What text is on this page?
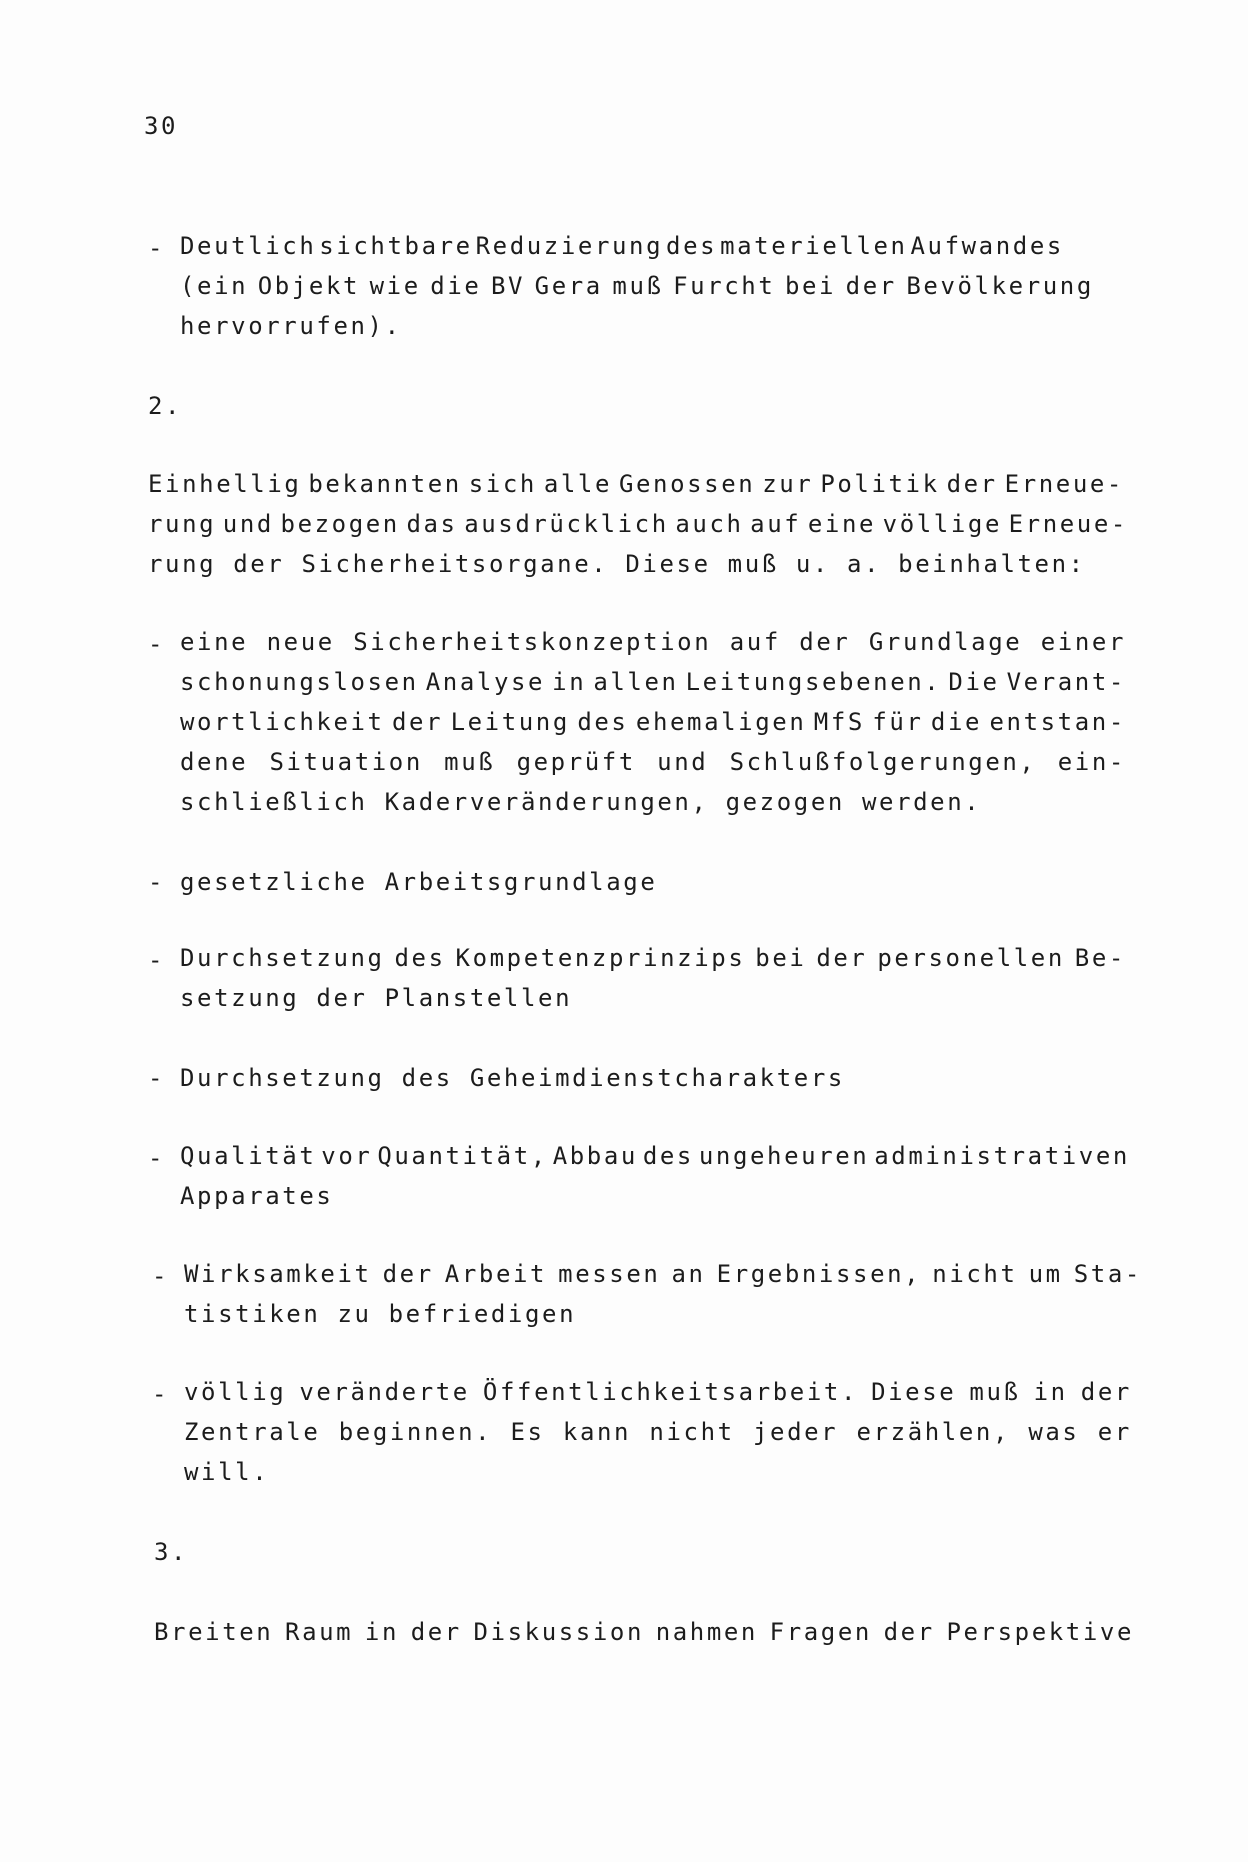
30
- Deutlich sichtbare Reduzierung des materiellen Aufwandes
(ein Objekt wie die BV Gera muß Furcht bei der Bevölkerung
hervorrufen).
2.
Einhellig bekannten sich alle Genossen zur Politik der Erneue-
rung und bezogen das ausdrücklich auch auf eine völlige Erneue-
rung der Sicherheitsorgane. Diese muß u. a. beinhalten:
- eine neue Sicherheitskonzeption auf der Grundlage einer
schonungslosen Analyse in allen Leitungsebenen. Die Verant-
wortlichkeit der Leitung des ehemaligen MfS für die entstan-
dene Situation muß geprüft und Schlußfolgerungen, ein-
schließlich Kaderveränderungen, gezogen werden.
- gesetzliche Arbeitsgrundlage
- Durchsetzung des Kompetenzprinzips bei der personellen Be-
setzung der Planstellen
- Durchsetzung des Geheimdienstcharakters
- Qualität vor Quantität, Abbau des ungeheuren administrativen
Apparates
- Wirksamkeit der Arbeit messen an Ergebnissen, nicht um Sta-
tistiken zu befriedigen
- völlig veränderte Öffentlichkeitsarbeit. Diese muß in der
Zentrale beginnen. Es kann nicht jeder erzählen, was er
will.
3.
Breiten Raum in der Diskussion nahmen Fragen der Perspektive
